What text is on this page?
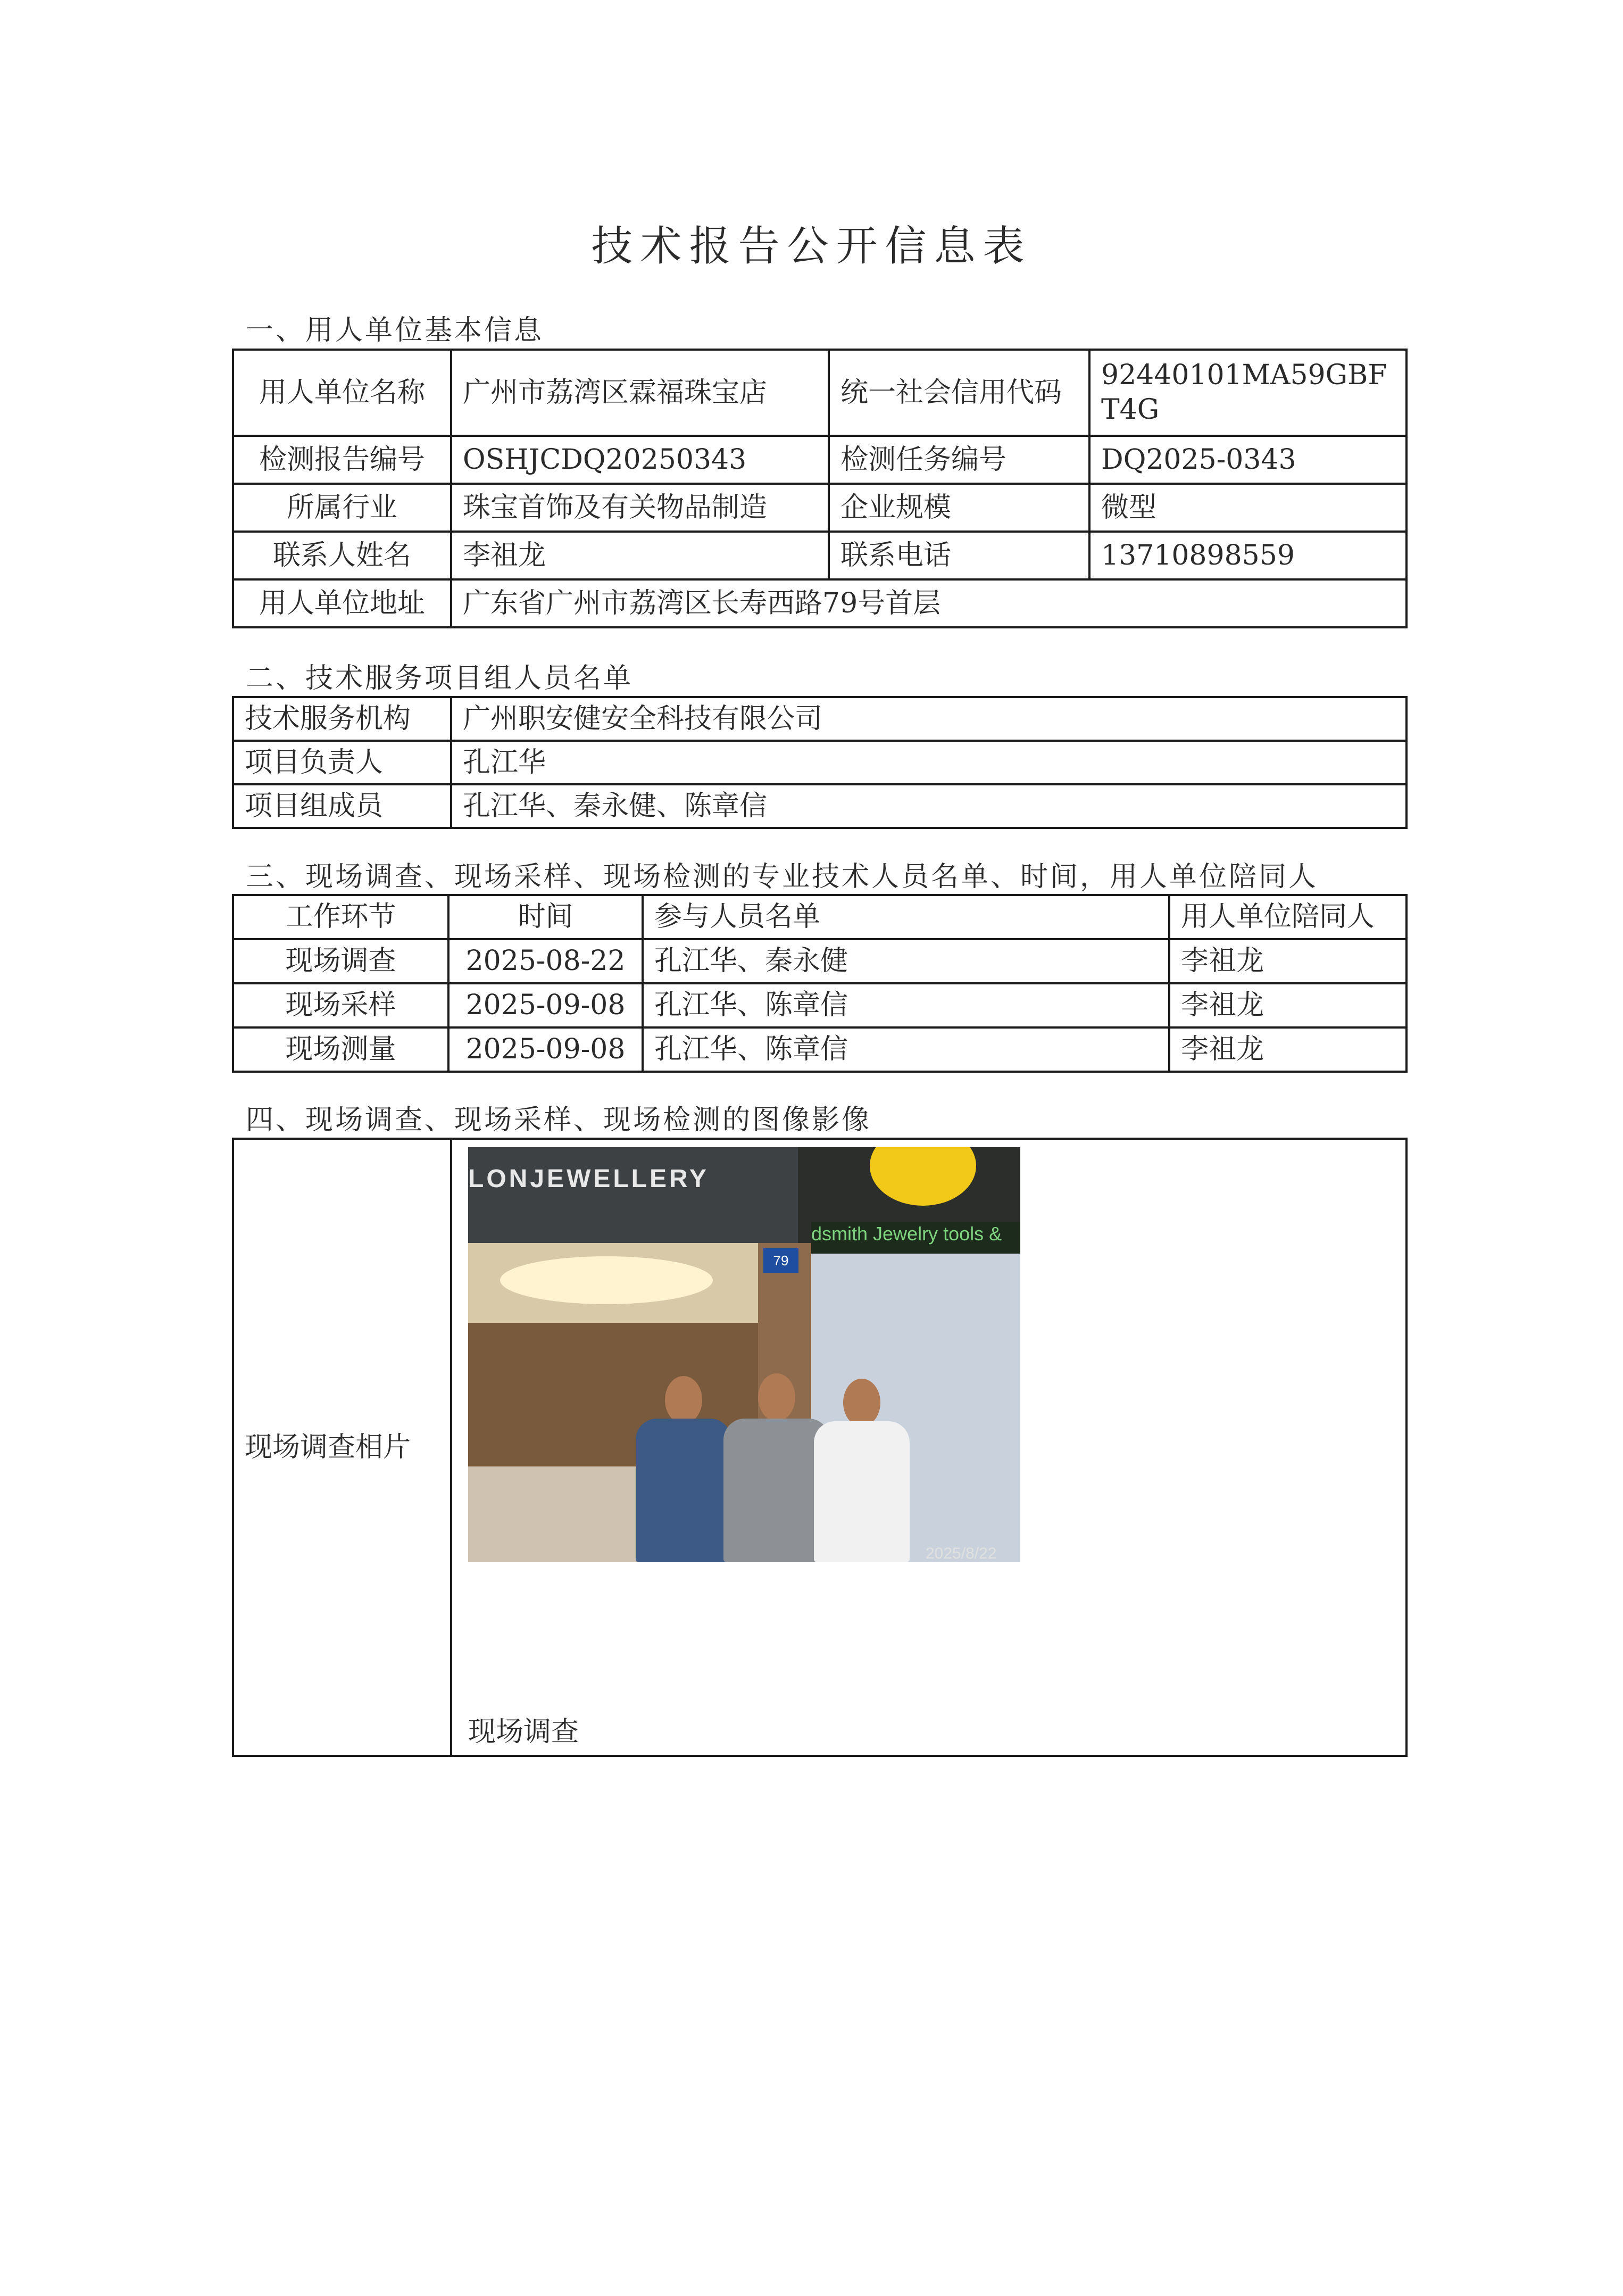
技术报告公开信息表
一、用人单位基本信息
用人单位名称	广州市荔湾区霖福珠宝店	统一社会信用代码	92440101MA59GBFT4G
检测报告编号	OSHJCDQ20250343	检测任务编号	DQ2025-0343
所属行业	珠宝首饰及有关物品制造	企业规模	微型
联系人姓名	李祖龙	联系电话	13710898559
用人单位地址	广东省广州市荔湾区长寿西路79号首层		
二、技术服务项目组人员名单
技术服务机构	广州职安健安全科技有限公司
项目负责人	孔江华
项目组成员	孔江华、秦永健、陈章信
三、现场调查、现场采样、现场检测的专业技术人员名单、时间，用人单位陪同人
工作环节	时间	参与人员名单	用人单位陪同人
现场调查	2025-08-22	孔江华、秦永健	李祖龙
现场采样	2025-09-08	孔江华、陈章信	李祖龙
现场测量	2025-09-08	孔江华、陈章信	李祖龙
四、现场调查、现场采样、现场检测的图像影像
现场调查相片	
LONJEWELLERY
dsmith Jewelry tools &
79
2025/8/22
现场调查
